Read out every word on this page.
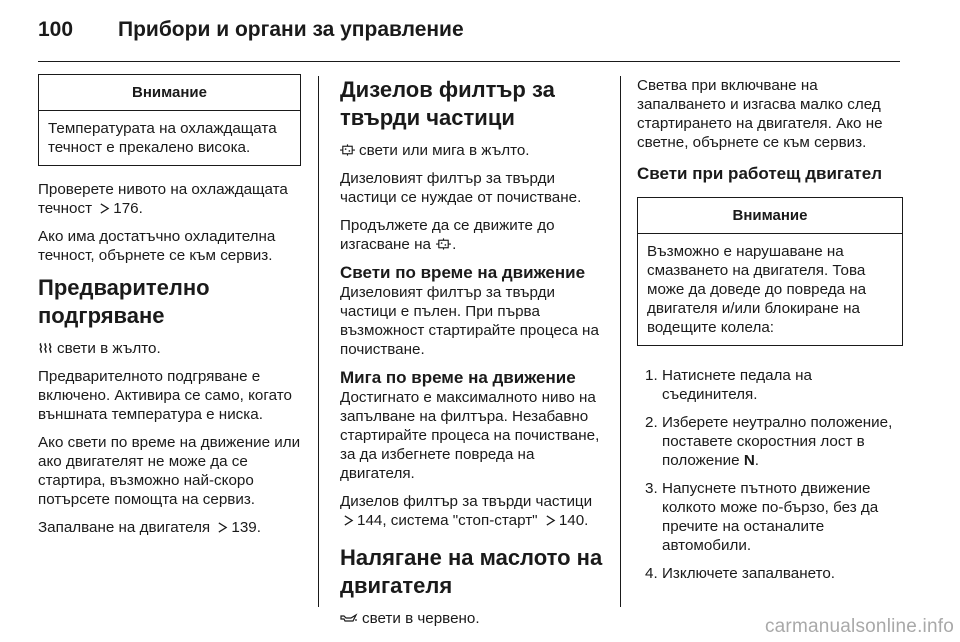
100 Прибори и органи за управление
Внимание
Температурата на охлаждащата течност е прекалено висока.

Проверете нивото на охлаждащата течност 176.

Ако има достатъчно охладителна течност, обърнете се към сервиз.

Предварително подгряване

свети в жълто.

Предварителното подгряване е включено. Активира се само, когато външната температура е ниска.

Ако свети по време на движение или ако двигателят не може да се стартира, възможно най-скоро потърсете помощта на сервиз.

Запалване на двигателя 139.

Дизелов филтър за твърди частици

свети или мига в жълто.

Дизеловият филтър за твърди частици се нуждае от почистване.

Продължете да се движите до изгасване на .

Свети по време на движение

Дизеловият филтър за твърди частици е пълен. При първа възможност стартирайте процеса на почистване.

Мига по време на движение

Достигнато е максималното ниво на запълване на филтъра. Незабавно стартирайте процеса на почистване, за да избегнете повреда на двигателя.

Дизелов филтър за твърди частици 144, система "стоп-старт" 140.

Налягане на маслото на двигателя

свети в червено.

Светва при включване на запалването и изгасва малко след стартирането на двигателя. Ако не светне, обърнете се към сервиз.

Свети при работещ двигател
Внимание
Възможно е нарушаване на смазването на двигателя. Това може да доведе до повреда на двигателя и/или блокиране на водещите колела:
1. Натиснете педала на съединителя.
2. Изберете неутрално положение, поставете скоростния лост в положение N.
3. Напуснете пътното движение колкото може по-бързо, без да пречите на останалите автомобили.
4. Изключете запалването.
carmanualsonline.info
